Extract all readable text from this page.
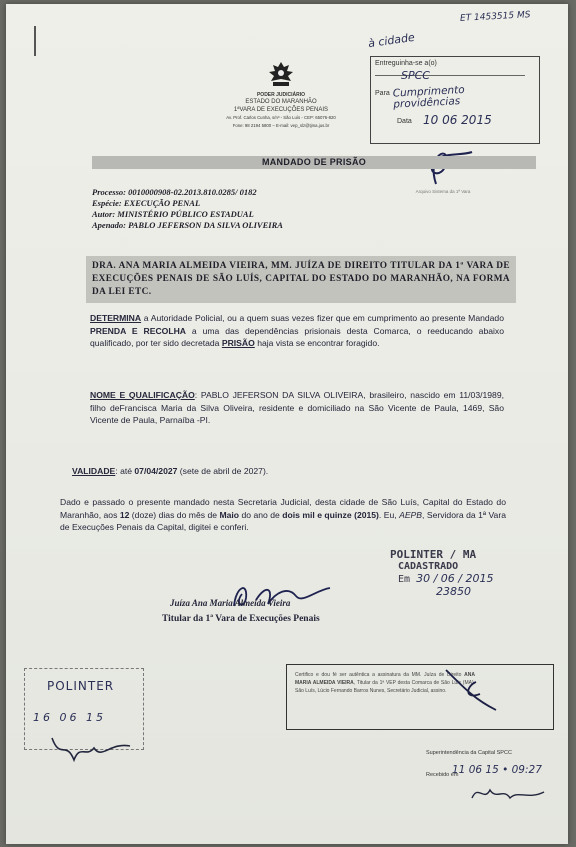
ET 1453515 MS
à cidade
PODER JUDICIÁRIO
ESTADO DO MARANHÃO
1ªVARA DE EXECUÇÕES PENAIS
Av. Prof. Carlos Cunha, s/nº - São Luís - CEP: 65076-820
Fone: 98 2194 5800 – E-mail: vep_slz@tjma.jus.br
Entreguinha-se a(o)
SPCC
Para Cumprimento providências
Data 10 06 2015
Arquivo Sistema da 1ª Vara
MANDADO DE PRISÃO
Processo: 0010000908-02.2013.810.0285/ 0182
Espécie: EXECUÇÃO PENAL
Autor: MINISTÉRIO PÚBLICO ESTADUAL
Apenado: PABLO JEFERSON DA SILVA OLIVEIRA
DRA. ANA MARIA ALMEIDA VIEIRA, MM. JUÍZA DE DIREITO TITULAR DA 1ª VARA DE EXECUÇÕES PENAIS DE SÃO LUÍS, CAPITAL DO ESTADO DO MARANHÃO, NA FORMA DA LEI ETC.
DETERMINA a Autoridade Policial, ou a quem suas vezes fizer que em cumprimento ao presente Mandado PRENDA E RECOLHA a uma das dependências prisionais desta Comarca, o reeducando abaixo qualificado, por ter sido decretada PRISÃO haja vista se encontrar foragido.
NOME E QUALIFICAÇÃO: PABLO JEFERSON DA SILVA OLIVEIRA, brasileiro, nascido em 11/03/1989, filho deFrancisca Maria da Silva Oliveira, residente e domiciliado na São Vicente de Paula, 1469, São Vicente de Paula, Parnaíba -PI.
VALIDADE: até 07/04/2027 (sete de abril de 2027).
Dado e passado o presente mandado nesta Secretaria Judicial, desta cidade de São Luís, Capital do Estado do Maranhão, aos 12 (doze) dias do mês de Maio do ano de dois mil e quinze (2015). Eu, AEPB, Servidora da 1ª Vara de Execuções Penais da Capital, digitei e conferi.
Juíza Ana Maria Almeida Vieira
Titular da 1ª Vara de Execuções Penais
POLINTER / MA
CADASTRADO
Em 30 / 06 / 2015
23850
POLINTER
16 06 15
Certifico e dou fé ser autêntica a assinatura da MM. Juíza de Direito ANA MARIA ALMEIDA VIEIRA, Titular da 1ª VEP desta Comarca de São Luís (MA). São Luís, Lúcio Fernando Barros Nunes, Secretário Judicial, assino.
Superintendência da Capital SPCC
Recebido em
11 06 15 • 09:27
